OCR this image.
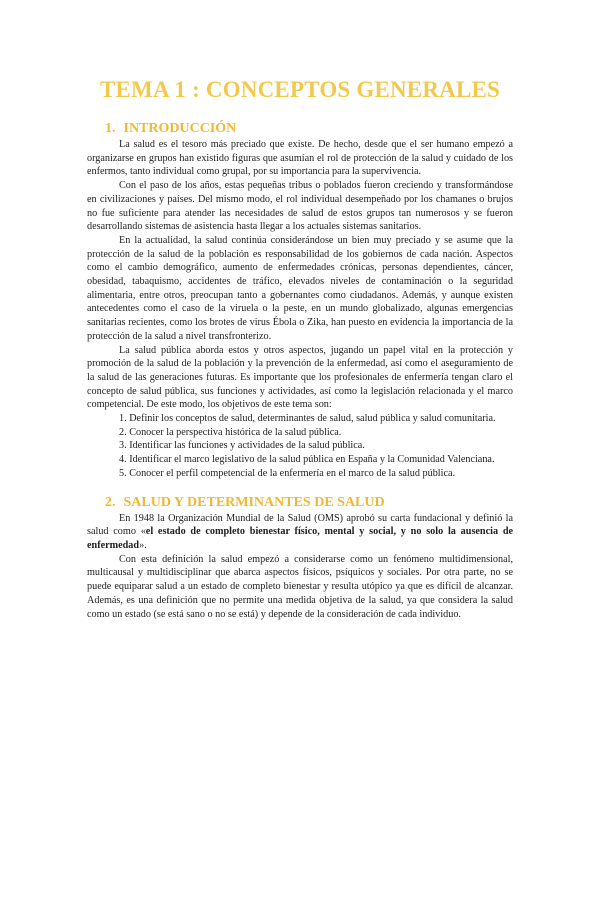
TEMA 1 : CONCEPTOS GENERALES
1. INTRODUCCIÓN

La salud es el tesoro más preciado que existe. De hecho, desde que el ser humano empezó a organizarse en grupos han existido figuras que asumían el rol de protección de la salud y cuidado de los enfermos, tanto individual como grupal, por su importancia para la supervivencia.

Con el paso de los años, estas pequeñas tribus o poblados fueron creciendo y transformándose en civilizaciones y países. Del mismo modo, el rol individual desempeñado por los chamanes o brujos no fue suficiente para atender las necesidades de salud de estos grupos tan numerosos y se fueron desarrollando sistemas de asistencia hasta llegar a los actuales sistemas sanitarios.

En la actualidad, la salud continúa considerándose un bien muy preciado y se asume que la protección de la salud de la población es responsabilidad de los gobiernos de cada nación. Aspectos como el cambio demográfico, aumento de enfermedades crónicas, personas dependientes, cáncer, obesidad, tabaquismo, accidentes de tráfico, elevados niveles de contaminación o la seguridad alimentaria, entre otros, preocupan tanto a gobernantes como ciudadanos. Además, y aunque existen antecedentes como el caso de la viruela o la peste, en un mundo globalizado, algunas emergencias sanitarias recientes, como los brotes de virus Ébola o Zika, han puesto en evidencia la importancia de la protección de la salud a nivel transfronterizo.

La salud pública aborda estos y otros aspectos, jugando un papel vital en la protección y promoción de la salud de la población y la prevención de la enfermedad, así como el aseguramiento de la salud de las generaciones futuras. Es importante que los profesionales de enfermería tengan claro el concepto de salud pública, sus funciones y actividades, así como la legislación relacionada y el marco competencial. De este modo, los objetivos de este tema son:

1. Definir los conceptos de salud, determinantes de salud, salud pública y salud comunitaria.
2. Conocer la perspectiva histórica de la salud pública.
3. Identificar las funciones y actividades de la salud pública.
4. Identificar el marco legislativo de la salud pública en España y la Comunidad Valenciana.
5. Conocer el perfil competencial de la enfermería en el marco de la salud pública.
2. SALUD Y DETERMINANTES DE SALUD

En 1948 la Organización Mundial de la Salud (OMS) aprobó su carta fundacional y definió la salud como «el estado de completo bienestar físico, mental y social, y no solo la ausencia de enfermedad».

Con esta definición la salud empezó a considerarse como un fenómeno multidimensional, multicausal y multidisciplinar que abarca aspectos físicos, psíquicos y sociales. Por otra parte, no se puede equiparar salud a un estado de completo bienestar y resulta utópico ya que es difícil de alcanzar. Además, es una definición que no permite una medida objetiva de la salud, ya que considera la salud como un estado (se está sano o no se está) y depende de la consideración de cada individuo.
